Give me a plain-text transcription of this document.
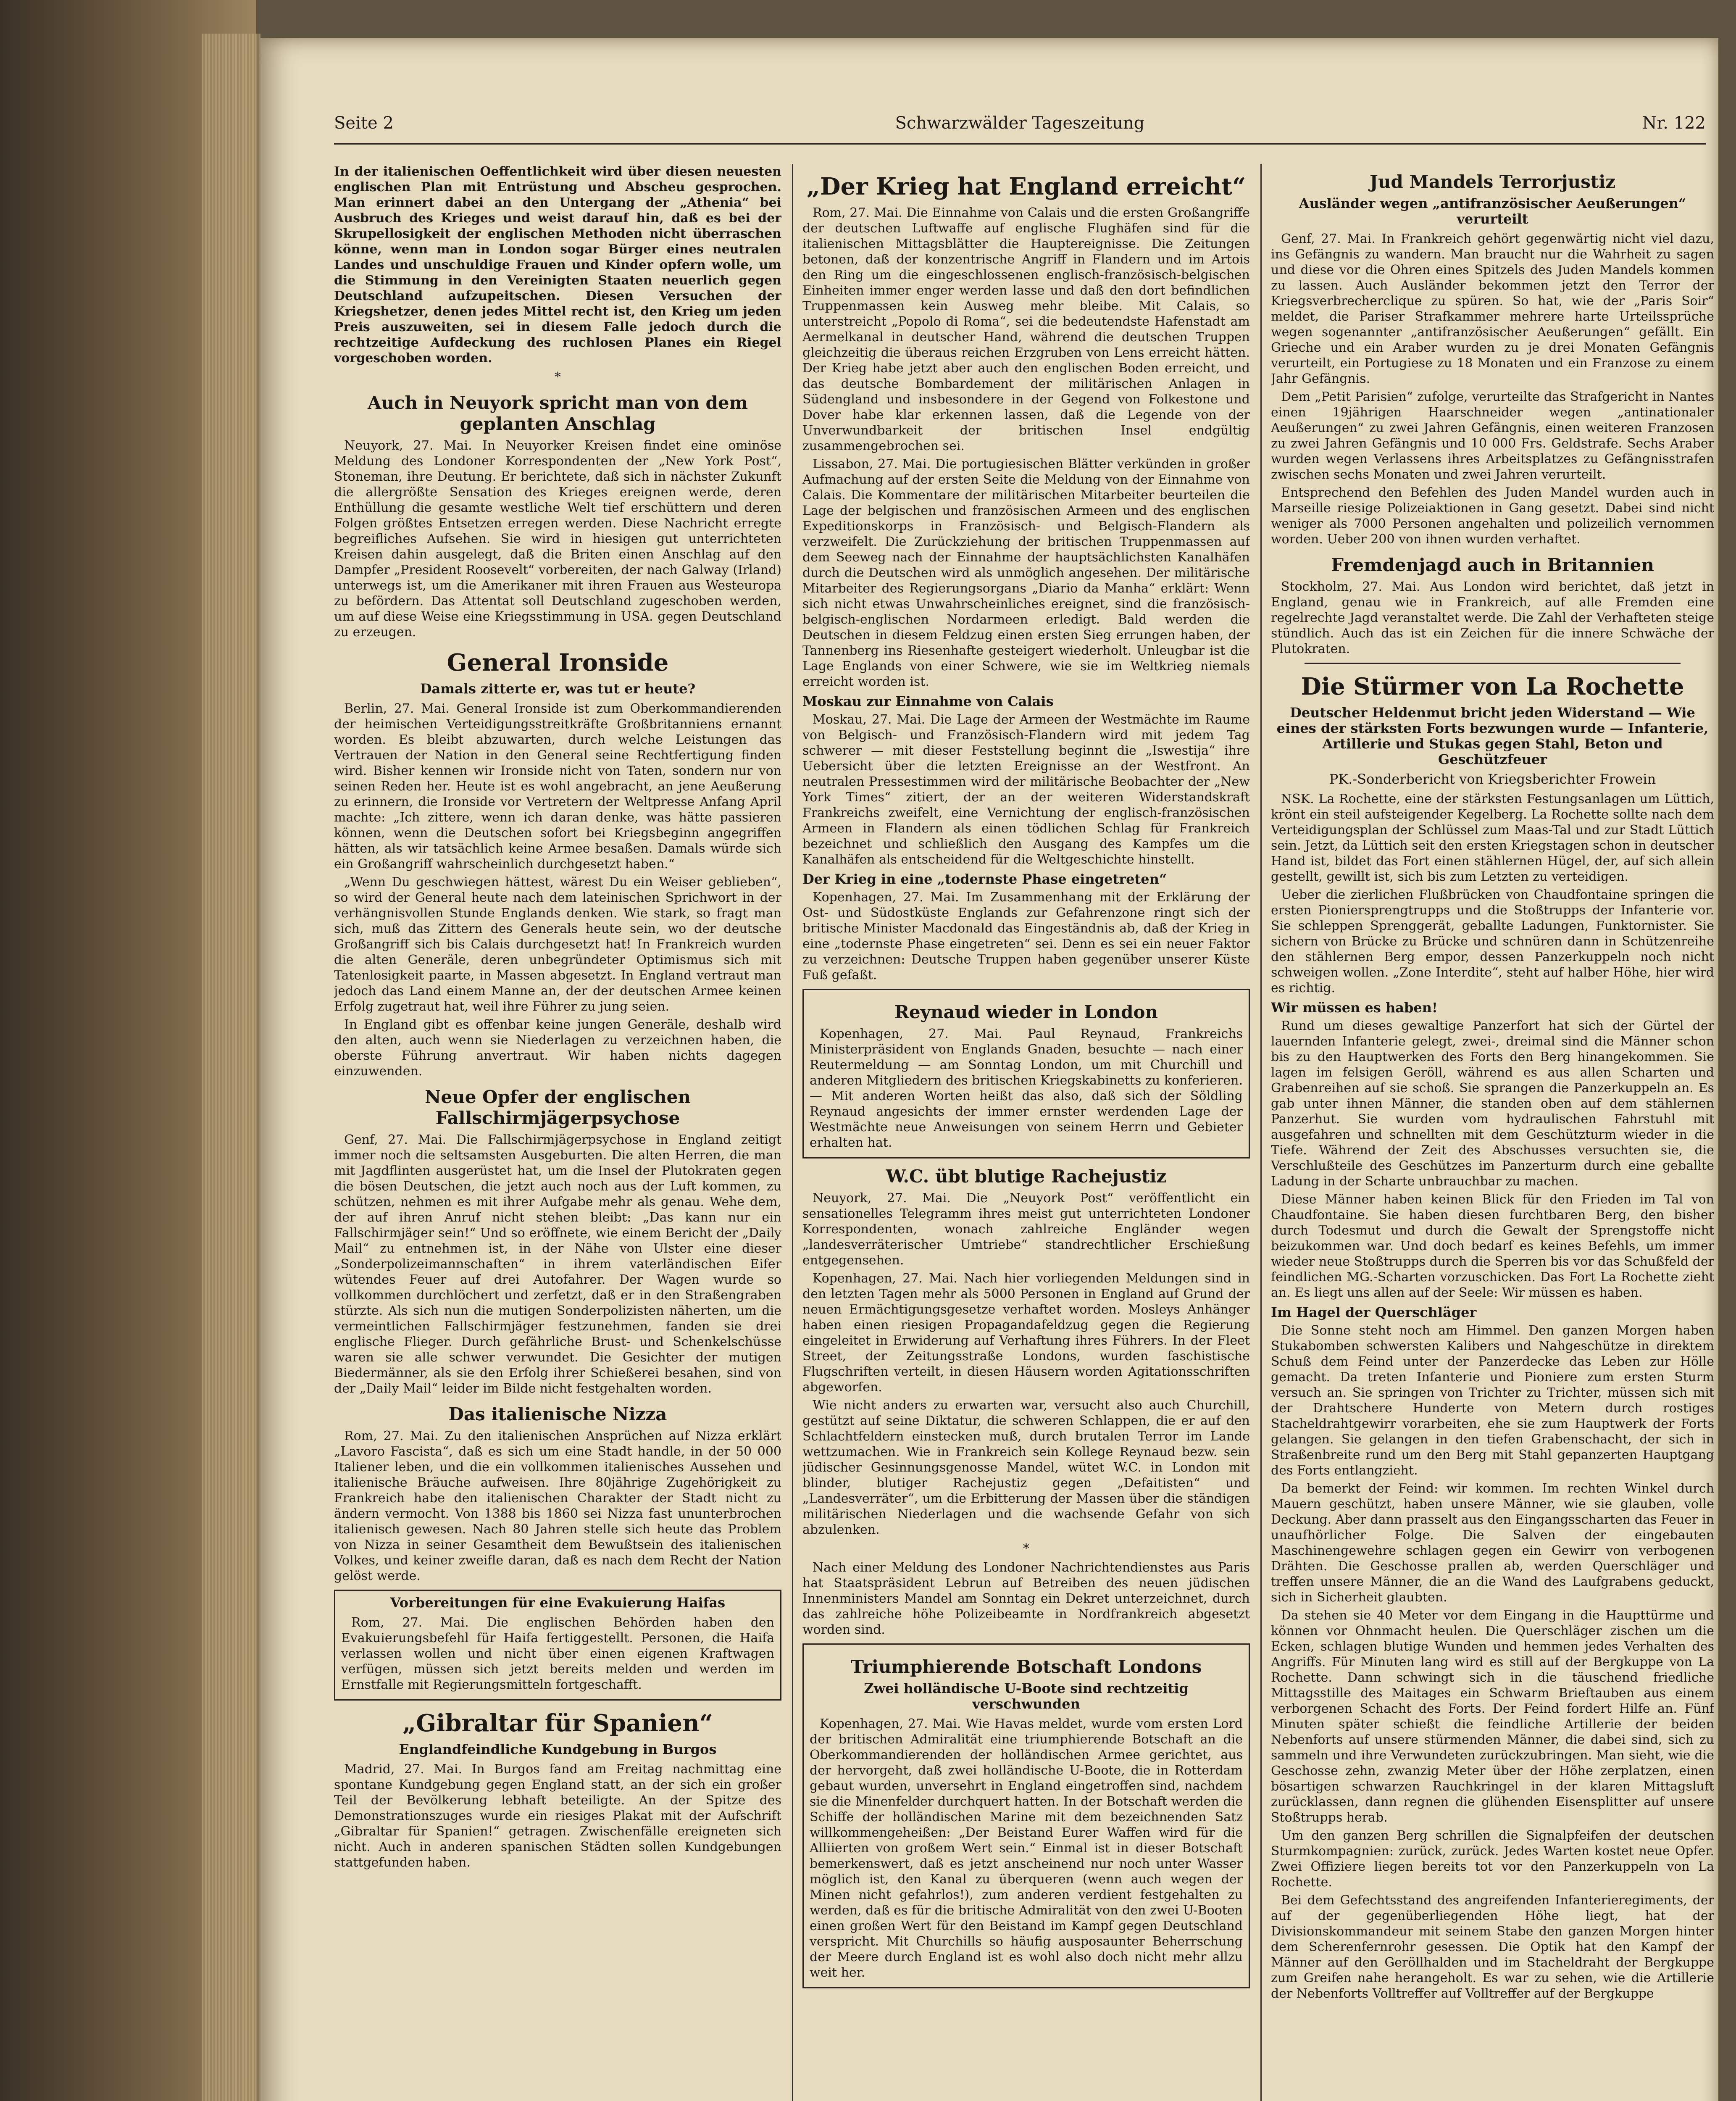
Seite 2	Schwarzwälder Tageszeitung	Nr. 122

In der italienischen Oeffentlichkeit wird über diesen neuesten englischen Plan mit Entrüstung und Abscheu gesprochen. Man erinnert dabei an den Untergang der „Athenia“ bei Ausbruch des Krieges und weist darauf hin, daß es bei der Skrupellosigkeit der englischen Methoden nicht überraschen könne, wenn man in London sogar Bürger eines neutralen Landes und unschuldige Frauen und Kinder opfern wolle, um die Stimmung in den Vereinigten Staaten neuerlich gegen Deutschland aufzupeitschen. Diesen Versuchen der Kriegshetzer, denen jedes Mittel recht ist, den Krieg um jeden Preis auszuweiten, sei in diesem Falle jedoch durch die rechtzeitige Aufdeckung des ruchlosen Planes ein Riegel vorgeschoben worden.

*
Auch in Neuyork spricht man von dem geplanten Anschlag

Neuyork, 27. Mai. In Neuyorker Kreisen findet eine ominöse Meldung des Londoner Korrespondenten der „New York Post“, Stoneman, ihre Deutung. Er berichtete, daß sich in nächster Zukunft die allergrößte Sensation des Krieges ereignen werde, deren Enthüllung die gesamte westliche Welt tief erschüttern und deren Folgen größtes Entsetzen erregen werden. Diese Nachricht erregte begreifliches Aufsehen. Sie wird in hiesigen gut unterrichteten Kreisen dahin ausgelegt, daß die Briten einen Anschlag auf den Dampfer „President Roosevelt“ vorbereiten, der nach Galway (Irland) unterwegs ist, um die Amerikaner mit ihren Frauen aus Westeuropa zu befördern. Das Attentat soll Deutschland zugeschoben werden, um auf diese Weise eine Kriegsstimmung in USA. gegen Deutschland zu erzeugen.

General Ironside
Damals zitterte er, was tut er heute?

Berlin, 27. Mai. General Ironside ist zum Oberkommandierenden der heimischen Verteidigungsstreitkräfte Großbritanniens ernannt worden. Es bleibt abzuwarten, durch welche Leistungen das Vertrauen der Nation in den General seine Rechtfertigung finden wird. Bisher kennen wir Ironside nicht von Taten, sondern nur von seinen Reden her. Heute ist es wohl angebracht, an jene Aeußerung zu erinnern, die Ironside vor Vertretern der Weltpresse Anfang April machte: „Ich zittere, wenn ich daran denke, was hätte passieren können, wenn die Deutschen sofort bei Kriegsbeginn angegriffen hätten, als wir tatsächlich keine Armee besaßen. Damals würde sich ein Großangriff wahrscheinlich durchgesetzt haben.“

„Wenn Du geschwiegen hättest, wärest Du ein Weiser geblieben“, so wird der General heute nach dem lateinischen Sprichwort in der verhängnisvollen Stunde Englands denken. Wie stark, so fragt man sich, muß das Zittern des Generals heute sein, wo der deutsche Großangriff sich bis Calais durchgesetzt hat! In Frankreich wurden die alten Generäle, deren unbegründeter Optimismus sich mit Tatenlosigkeit paarte, in Massen abgesetzt. In England vertraut man jedoch das Land einem Manne an, der der deutschen Armee keinen Erfolg zugetraut hat, weil ihre Führer zu jung seien.

In England gibt es offenbar keine jungen Generäle, deshalb wird den alten, auch wenn sie Niederlagen zu verzeichnen haben, die oberste Führung anvertraut. Wir haben nichts dagegen einzuwenden.

Neue Opfer der englischen Fallschirmjägerpsychose

Genf, 27. Mai. Die Fallschirmjägerpsychose in England zeitigt immer noch die seltsamsten Ausgeburten. Die alten Herren, die man mit Jagdflinten ausgerüstet hat, um die Insel der Plutokraten gegen die bösen Deutschen, die jetzt auch noch aus der Luft kommen, zu schützen, nehmen es mit ihrer Aufgabe mehr als genau. Wehe dem, der auf ihren Anruf nicht stehen bleibt: „Das kann nur ein Fallschirmjäger sein!“ Und so eröffnete, wie einem Bericht der „Daily Mail“ zu entnehmen ist, in der Nähe von Ulster eine dieser „Sonderpolizeimannschaften“ in ihrem vaterländischen Eifer wütendes Feuer auf drei Autofahrer. Der Wagen wurde so vollkommen durchlöchert und zerfetzt, daß er in den Straßengraben stürzte. Als sich nun die mutigen Sonderpolizisten näherten, um die vermeintlichen Fallschirmjäger festzunehmen, fanden sie drei englische Flieger. Durch gefährliche Brust- und Schenkelschüsse waren sie alle schwer verwundet. Die Gesichter der mutigen Biedermänner, als sie den Erfolg ihrer Schießerei besahen, sind von der „Daily Mail“ leider im Bilde nicht festgehalten worden.

Das italienische Nizza

Rom, 27. Mai. Zu den italienischen Ansprüchen auf Nizza erklärt „Lavoro Fascista“, daß es sich um eine Stadt handle, in der 50 000 Italiener leben, und die ein vollkommen italienisches Aussehen und italienische Bräuche aufweisen. Ihre 80jährige Zugehörigkeit zu Frankreich habe den italienischen Charakter der Stadt nicht zu ändern vermocht. Von 1388 bis 1860 sei Nizza fast ununterbrochen italienisch gewesen. Nach 80 Jahren stelle sich heute das Problem von Nizza in seiner Gesamtheit dem Bewußtsein des italienischen Volkes, und keiner zweifle daran, daß es nach dem Recht der Nation gelöst werde.

Vorbereitungen für eine Evakuierung Haifas

Rom, 27. Mai. Die englischen Behörden haben den Evakuierungsbefehl für Haifa fertiggestellt. Personen, die Haifa verlassen wollen und nicht über einen eigenen Kraftwagen verfügen, müssen sich jetzt bereits melden und werden im Ernstfalle mit Regierungsmitteln fortgeschafft.

„Gibraltar für Spanien“
Englandfeindliche Kundgebung in Burgos

Madrid, 27. Mai. In Burgos fand am Freitag nachmittag eine spontane Kundgebung gegen England statt, an der sich ein großer Teil der Bevölkerung lebhaft beteiligte. An der Spitze des Demonstrationszuges wurde ein riesiges Plakat mit der Aufschrift „Gibraltar für Spanien!“ getragen. Zwischenfälle ereigneten sich nicht. Auch in anderen spanischen Städten sollen Kundgebungen stattgefunden haben.

„Der Krieg hat England erreicht“

Rom, 27. Mai. Die Einnahme von Calais und die ersten Großangriffe der deutschen Luftwaffe auf englische Flughäfen sind für die italienischen Mittagsblätter die Hauptereignisse. Die Zeitungen betonen, daß der konzentrische Angriff in Flandern und im Artois den Ring um die eingeschlossenen englisch-französisch-belgischen Einheiten immer enger werden lasse und daß den dort befindlichen Truppenmassen kein Ausweg mehr bleibe. Mit Calais, so unterstreicht „Popolo di Roma“, sei die bedeutendste Hafenstadt am Aermelkanal in deutscher Hand, während die deutschen Truppen gleichzeitig die überaus reichen Erzgruben von Lens erreicht hätten. Der Krieg habe jetzt aber auch den englischen Boden erreicht, und das deutsche Bombardement der militärischen Anlagen in Südengland und insbesondere in der Gegend von Folkestone und Dover habe klar erkennen lassen, daß die Legende von der Unverwundbarkeit der britischen Insel endgültig zusammengebrochen sei.

Lissabon, 27. Mai. Die portugiesischen Blätter verkünden in großer Aufmachung auf der ersten Seite die Meldung von der Einnahme von Calais. Die Kommentare der militärischen Mitarbeiter beurteilen die Lage der belgischen und französischen Armeen und des englischen Expeditionskorps in Französisch- und Belgisch-Flandern als verzweifelt. Die Zurückziehung der britischen Truppenmassen auf dem Seeweg nach der Einnahme der hauptsächlichsten Kanalhäfen durch die Deutschen wird als unmöglich angesehen. Der militärische Mitarbeiter des Regierungsorgans „Diario da Manha“ erklärt: Wenn sich nicht etwas Unwahrscheinliches ereignet, sind die französisch-belgisch-englischen Nordarmeen erledigt. Bald werden die Deutschen in diesem Feldzug einen ersten Sieg errungen haben, der Tannenberg ins Riesenhafte gesteigert wiederholt. Unleugbar ist die Lage Englands von einer Schwere, wie sie im Weltkrieg niemals erreicht worden ist.

Moskau zur Einnahme von Calais

Moskau, 27. Mai. Die Lage der Armeen der Westmächte im Raume von Belgisch- und Französisch-Flandern wird mit jedem Tag schwerer — mit dieser Feststellung beginnt die „Iswestija“ ihre Uebersicht über die letzten Ereignisse an der Westfront. An neutralen Pressestimmen wird der militärische Beobachter der „New York Times“ zitiert, der an der weiteren Widerstandskraft Frankreichs zweifelt, eine Vernichtung der englisch-französischen Armeen in Flandern als einen tödlichen Schlag für Frankreich bezeichnet und schließlich den Ausgang des Kampfes um die Kanalhäfen als entscheidend für die Weltgeschichte hinstellt.

Der Krieg in eine „todernste Phase eingetreten“

Kopenhagen, 27. Mai. Im Zusammenhang mit der Erklärung der Ost- und Südostküste Englands zur Gefahrenzone ringt sich der britische Minister Macdonald das Eingeständnis ab, daß der Krieg in eine „todernste Phase eingetreten“ sei. Denn es sei ein neuer Faktor zu verzeichnen: Deutsche Truppen haben gegenüber unserer Küste Fuß gefaßt.

Reynaud wieder in London

Kopenhagen, 27. Mai. Paul Reynaud, Frankreichs Ministerpräsident von Englands Gnaden, besuchte — nach einer Reutermeldung — am Sonntag London, um mit Churchill und anderen Mitgliedern des britischen Kriegskabinetts zu konferieren. — Mit anderen Worten heißt das also, daß sich der Söldling Reynaud angesichts der immer ernster werdenden Lage der Westmächte neue Anweisungen von seinem Herrn und Gebieter erhalten hat.

W.C. übt blutige Rachejustiz

Neuyork, 27. Mai. Die „Neuyork Post“ veröffentlicht ein sensationelles Telegramm ihres meist gut unterrichteten Londoner Korrespondenten, wonach zahlreiche Engländer wegen „landesverräterischer Umtriebe“ standrechtlicher Erschießung entgegensehen.

Kopenhagen, 27. Mai. Nach hier vorliegenden Meldungen sind in den letzten Tagen mehr als 5000 Personen in England auf Grund der neuen Ermächtigungsgesetze verhaftet worden. Mosleys Anhänger haben einen riesigen Propagandafeldzug gegen die Regierung eingeleitet in Erwiderung auf Verhaftung ihres Führers. In der Fleet Street, der Zeitungsstraße Londons, wurden faschistische Flugschriften verteilt, in diesen Häusern worden Agitationsschriften abgeworfen.

Wie nicht anders zu erwarten war, versucht also auch Churchill, gestützt auf seine Diktatur, die schweren Schlappen, die er auf den Schlachtfeldern einstecken muß, durch brutalen Terror im Lande wettzumachen. Wie in Frankreich sein Kollege Reynaud bezw. sein jüdischer Gesinnungsgenosse Mandel, wütet W.C. in London mit blinder, blutiger Rachejustiz gegen „Defaitisten“ und „Landesverräter“, um die Erbitterung der Massen über die ständigen militärischen Niederlagen und die wachsende Gefahr von sich abzulenken.

*

Nach einer Meldung des Londoner Nachrichtendienstes aus Paris hat Staatspräsident Lebrun auf Betreiben des neuen jüdischen Innenministers Mandel am Sonntag ein Dekret unterzeichnet, durch das zahlreiche höhe Polizeibeamte in Nordfrankreich abgesetzt worden sind.

Triumphierende Botschaft Londons
Zwei holländische U-Boote sind rechtzeitig verschwunden

Kopenhagen, 27. Mai. Wie Havas meldet, wurde vom ersten Lord der britischen Admiralität eine triumphierende Botschaft an die Oberkommandierenden der holländischen Armee gerichtet, aus der hervorgeht, daß zwei holländische U-Boote, die in Rotterdam gebaut wurden, unversehrt in England eingetroffen sind, nachdem sie die Minenfelder durchquert hatten. In der Botschaft werden die Schiffe der holländischen Marine mit dem bezeichnenden Satz willkommengeheißen: „Der Beistand Eurer Waffen wird für die Alliierten von großem Wert sein.“ Einmal ist in dieser Botschaft bemerkenswert, daß es jetzt anscheinend nur noch unter Wasser möglich ist, den Kanal zu überqueren (wenn auch wegen der Minen nicht gefahrlos!), zum anderen verdient festgehalten zu werden, daß es für die britische Admiralität von den zwei U-Booten einen großen Wert für den Beistand im Kampf gegen Deutschland verspricht. Mit Churchills so häufig ausposaunter Beherrschung der Meere durch England ist es wohl also doch nicht mehr allzu weit her.

Jud Mandels Terrorjustiz
Ausländer wegen „antifranzösischer Aeußerungen“ verurteilt

Genf, 27. Mai. In Frankreich gehört gegenwärtig nicht viel dazu, ins Gefängnis zu wandern. Man braucht nur die Wahrheit zu sagen und diese vor die Ohren eines Spitzels des Juden Mandels kommen zu lassen. Auch Ausländer bekommen jetzt den Terror der Kriegsverbrecherclique zu spüren. So hat, wie der „Paris Soir“ meldet, die Pariser Strafkammer mehrere harte Urteilssprüche wegen sogenannter „antifranzösischer Aeußerungen“ gefällt. Ein Grieche und ein Araber wurden zu je drei Monaten Gefängnis verurteilt, ein Portugiese zu 18 Monaten und ein Franzose zu einem Jahr Gefängnis.

Dem „Petit Parisien“ zufolge, verurteilte das Strafgericht in Nantes einen 19jährigen Haarschneider wegen „antinationaler Aeußerungen“ zu zwei Jahren Gefängnis, einen weiteren Franzosen zu zwei Jahren Gefängnis und 10 000 Frs. Geldstrafe. Sechs Araber wurden wegen Verlassens ihres Arbeitsplatzes zu Gefängnisstrafen zwischen sechs Monaten und zwei Jahren verurteilt.

Entsprechend den Befehlen des Juden Mandel wurden auch in Marseille riesige Polizeiaktionen in Gang gesetzt. Dabei sind nicht weniger als 7000 Personen angehalten und polizeilich vernommen worden. Ueber 200 von ihnen wurden verhaftet.

Fremdenjagd auch in Britannien

Stockholm, 27. Mai. Aus London wird berichtet, daß jetzt in England, genau wie in Frankreich, auf alle Fremden eine regelrechte Jagd veranstaltet werde. Die Zahl der Verhafteten steige stündlich. Auch das ist ein Zeichen für die innere Schwäche der Plutokraten.

Die Stürmer von La Rochette
Deutscher Heldenmut bricht jeden Widerstand — Wie eines der stärksten Forts bezwungen wurde — Infanterie, Artillerie und Stukas gegen Stahl, Beton und Geschützfeuer
PK.-Sonderbericht von Kriegsberichter Frowein

NSK. La Rochette, eine der stärksten Festungsanlagen um Lüttich, krönt ein steil aufsteigender Kegelberg. La Rochette sollte nach dem Verteidigungsplan der Schlüssel zum Maas-Tal und zur Stadt Lüttich sein. Jetzt, da Lüttich seit den ersten Kriegstagen schon in deutscher Hand ist, bildet das Fort einen stählernen Hügel, der, auf sich allein gestellt, gewillt ist, sich bis zum Letzten zu verteidigen.

Ueber die zierlichen Flußbrücken von Chaudfontaine springen die ersten Pioniersprengtrupps und die Stoßtrupps der Infanterie vor. Sie schleppen Sprenggerät, geballte Ladungen, Funktornister. Sie sichern von Brücke zu Brücke und schnüren dann in Schützenreihe den stählernen Berg empor, dessen Panzerkuppeln noch nicht schweigen wollen. „Zone Interdite“, steht auf halber Höhe, hier wird es richtig.

Wir müssen es haben!

Rund um dieses gewaltige Panzerfort hat sich der Gürtel der lauernden Infanterie gelegt, zwei-, dreimal sind die Männer schon bis zu den Hauptwerken des Forts den Berg hinangekommen. Sie lagen im felsigen Geröll, während es aus allen Scharten und Grabenreihen auf sie schoß. Sie sprangen die Panzerkuppeln an. Es gab unter ihnen Männer, die standen oben auf dem stählernen Panzerhut. Sie wurden vom hydraulischen Fahrstuhl mit ausgefahren und schnellten mit dem Geschützturm wieder in die Tiefe. Während der Zeit des Abschusses versuchten sie, die Verschlußteile des Geschützes im Panzerturm durch eine geballte Ladung in der Scharte unbrauchbar zu machen.

Diese Männer haben keinen Blick für den Frieden im Tal von Chaudfontaine. Sie haben diesen furchtbaren Berg, den bisher durch Todesmut und durch die Gewalt der Sprengstoffe nicht beizukommen war. Und doch bedarf es keines Befehls, um immer wieder neue Stoßtrupps durch die Sperren bis vor das Schußfeld der feindlichen MG.-Scharten vorzuschicken. Das Fort La Rochette zieht an. Es liegt uns allen auf der Seele: Wir müssen es haben.

Im Hagel der Querschläger

Die Sonne steht noch am Himmel. Den ganzen Morgen haben Stukabomben schwersten Kalibers und Nahgeschütze in direktem Schuß dem Feind unter der Panzerdecke das Leben zur Hölle gemacht. Da treten Infanterie und Pioniere zum ersten Sturm versuch an. Sie springen von Trichter zu Trichter, müssen sich mit der Drahtschere Hunderte von Metern durch rostiges Stacheldrahtgewirr vorarbeiten, ehe sie zum Hauptwerk der Forts gelangen. Sie gelangen in den tiefen Grabenschacht, der sich in Straßenbreite rund um den Berg mit Stahl gepanzerten Hauptgang des Forts entlangzieht.

Da bemerkt der Feind: wir kommen. Im rechten Winkel durch Mauern geschützt, haben unsere Männer, wie sie glauben, volle Deckung. Aber dann prasselt aus den Eingangsscharten das Feuer in unaufhörlicher Folge. Die Salven der eingebauten Maschinengewehre schlagen gegen ein Gewirr von verbogenen Drähten. Die Geschosse prallen ab, werden Querschläger und treffen unsere Männer, die an die Wand des Laufgrabens geduckt, sich in Sicherheit glaubten.

Da stehen sie 40 Meter vor dem Eingang in die Haupttürme und können vor Ohnmacht heulen. Die Querschläger zischen um die Ecken, schlagen blutige Wunden und hemmen jedes Verhalten des Angriffs. Für Minuten lang wird es still auf der Bergkuppe von La Rochette. Dann schwingt sich in die täuschend friedliche Mittagsstille des Maitages ein Schwarm Brieftauben aus einem verborgenen Schacht des Forts. Der Feind fordert Hilfe an. Fünf Minuten später schießt die feindliche Artillerie der beiden Nebenforts auf unsere stürmenden Männer, die dabei sind, sich zu sammeln und ihre Verwundeten zurückzubringen. Man sieht, wie die Geschosse zehn, zwanzig Meter über der Höhe zerplatzen, einen bösartigen schwarzen Rauchkringel in der klaren Mittagsluft zurücklassen, dann regnen die glühenden Eisensplitter auf unsere Stoßtrupps herab.

Um den ganzen Berg schrillen die Signalpfeifen der deutschen Sturmkompagnien: zurück, zurück. Jedes Warten kostet neue Opfer. Zwei Offiziere liegen bereits tot vor den Panzerkuppeln von La Rochette.

Bei dem Gefechtsstand des angreifenden Infanterieregiments, der auf der gegenüberliegenden Höhe liegt, hat der Divisionskommandeur mit seinem Stabe den ganzen Morgen hinter dem Scherenfernrohr gesessen. Die Optik hat den Kampf der Männer auf den Geröllhalden und im Stacheldraht der Bergkuppe zum Greifen nahe herangeholt. Es war zu sehen, wie die Artillerie der Nebenforts Volltreffer auf Volltreffer auf der Bergkuppe
